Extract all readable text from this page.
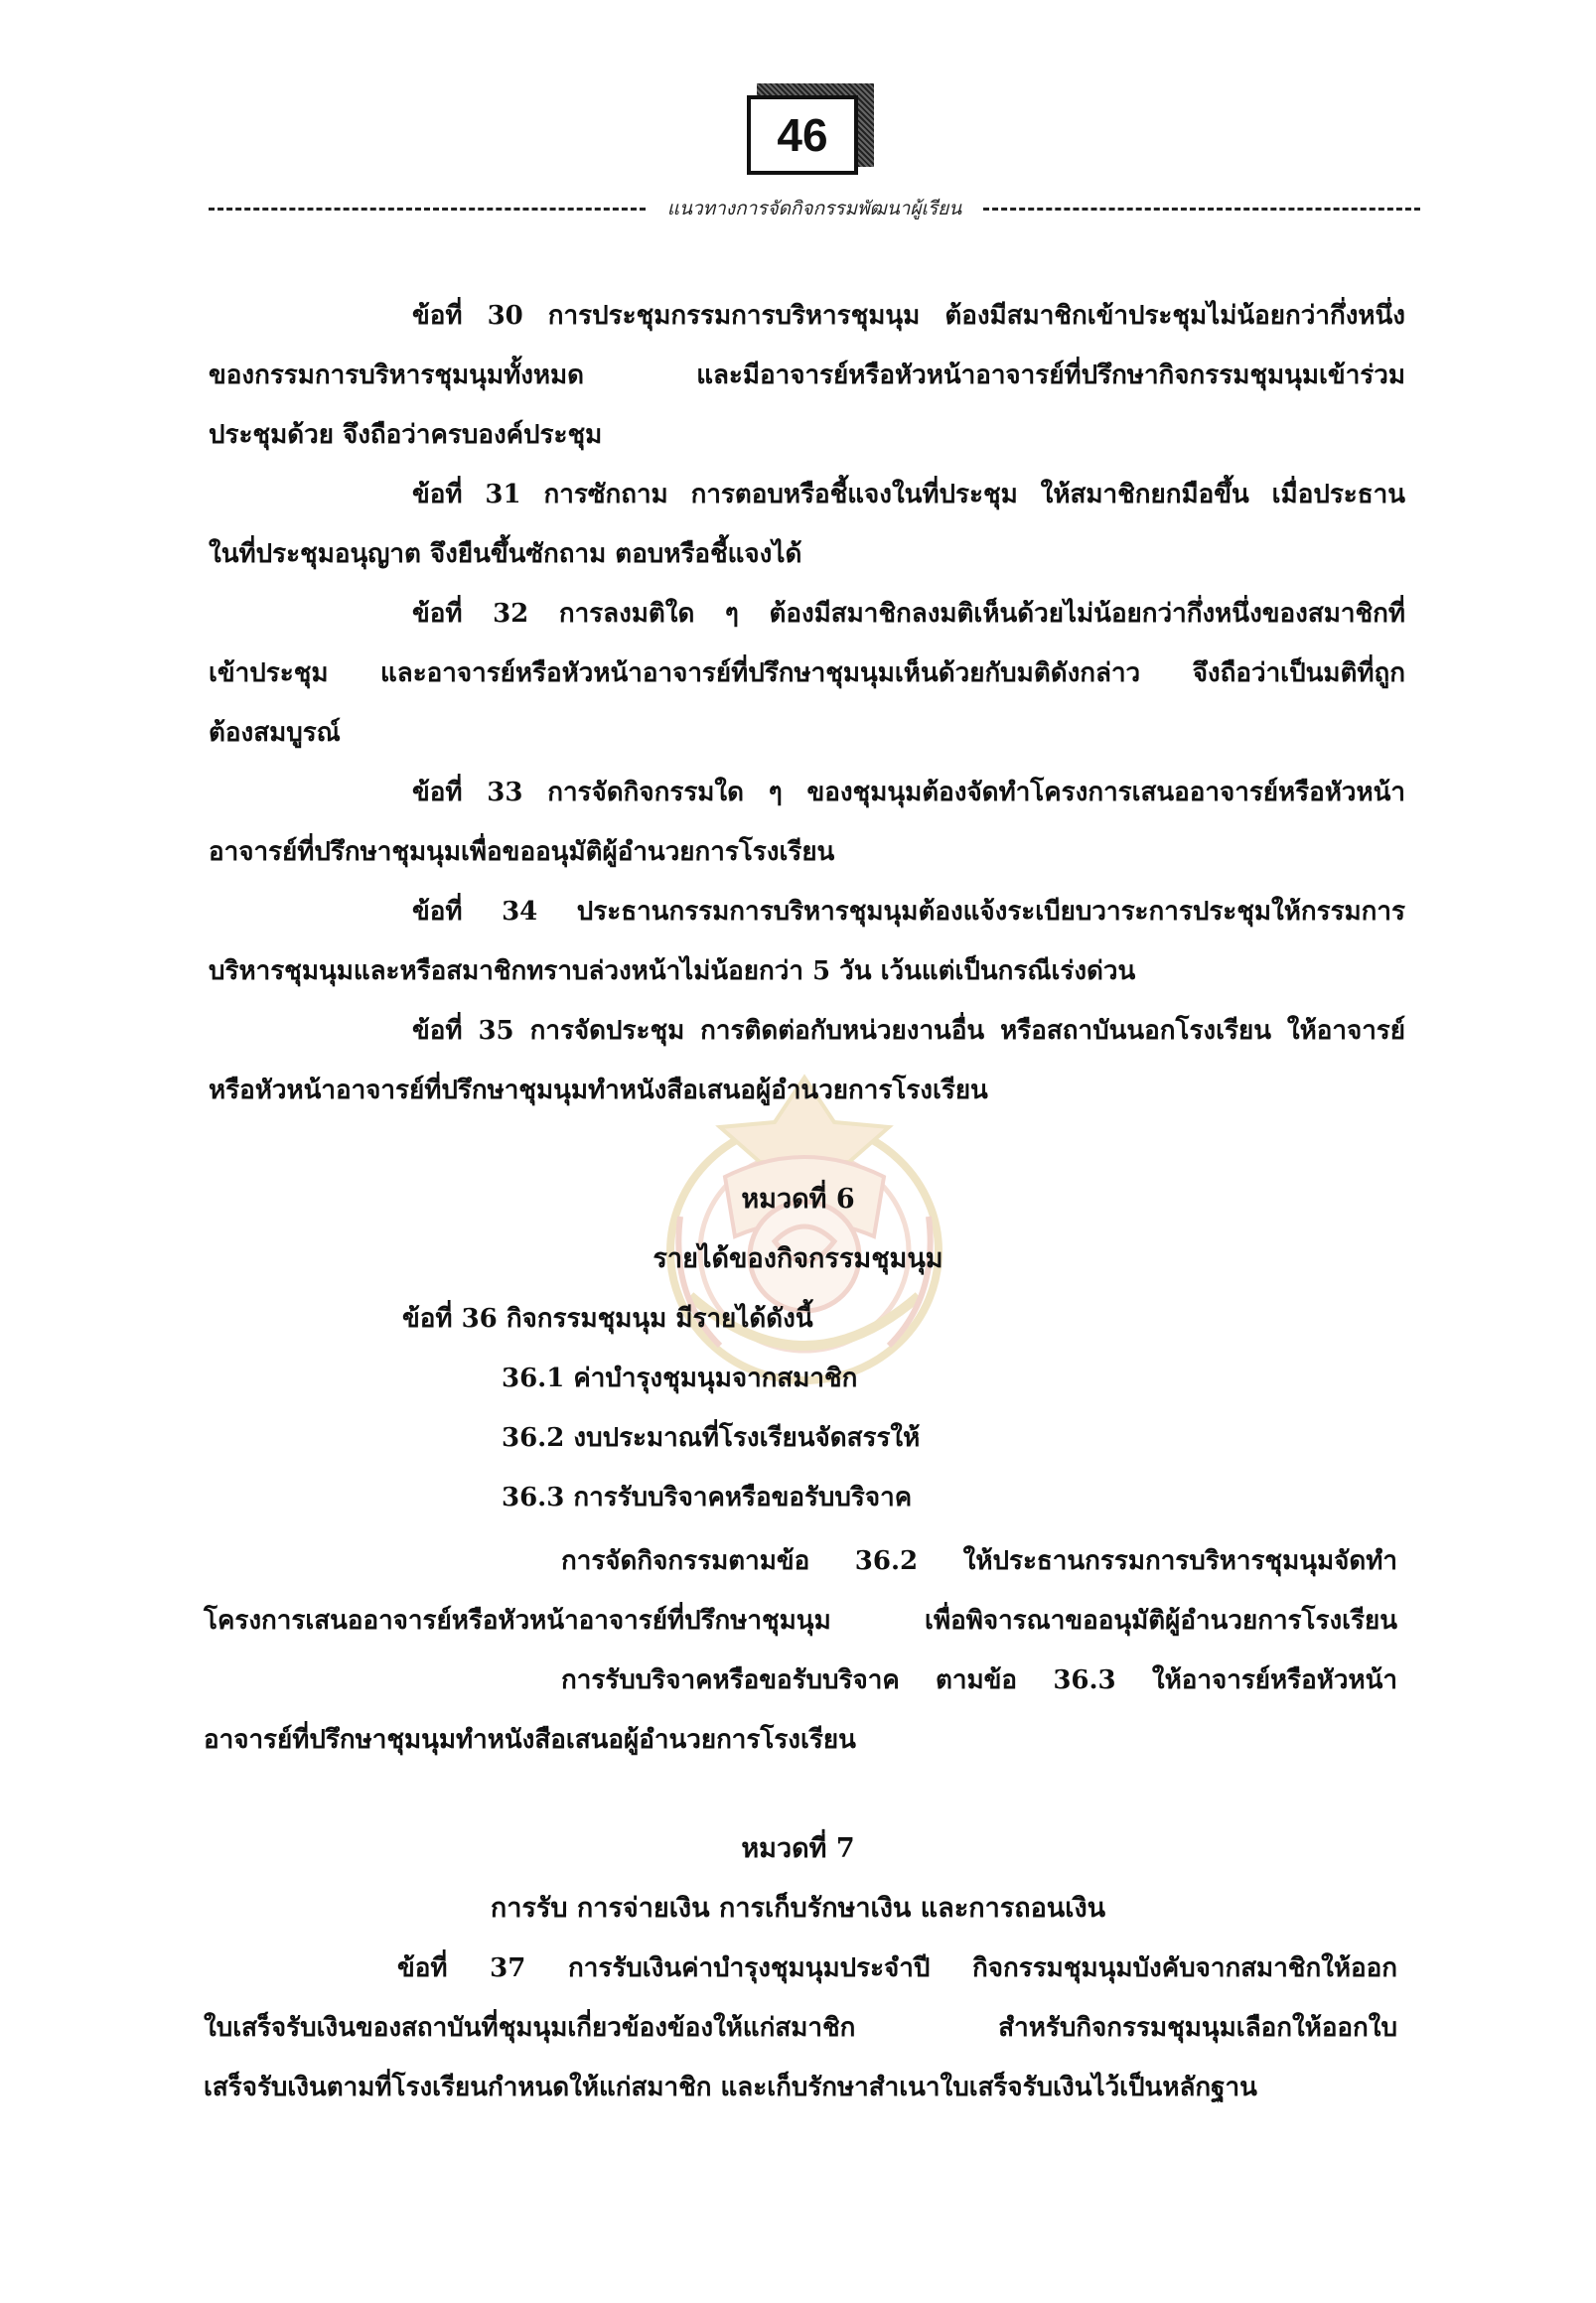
46
แนวทางการจัดกิจกรรมพัฒนาผู้เรียน
ข้อที่ 30 การประชุมกรรมการบริหารชุมนุม ต้องมีสมาชิกเข้าประชุมไม่น้อยกว่ากึ่งหนึ่ง
ของกรรมการบริหารชุมนุมทั้งหมด และมีอาจารย์หรือหัวหน้าอาจารย์ที่ปรึกษากิจกรรมชุมนุมเข้าร่วม
ประชุมด้วย จึงถือว่าครบองค์ประชุม
ข้อที่ 31 การซักถาม การตอบหรือชี้แจงในที่ประชุม ให้สมาชิกยกมือขึ้น เมื่อประธาน
ในที่ประชุมอนุญาต จึงยืนขึ้นซักถาม ตอบหรือชี้แจงได้
ข้อที่ 32 การลงมติใด ๆ ต้องมีสมาชิกลงมติเห็นด้วยไม่น้อยกว่ากึ่งหนึ่งของสมาชิกที่
เข้าประชุม และอาจารย์หรือหัวหน้าอาจารย์ที่ปรึกษาชุมนุมเห็นด้วยกับมติดังกล่าว จึงถือว่าเป็นมติที่ถูก
ต้องสมบูรณ์
ข้อที่ 33 การจัดกิจกรรมใด ๆ ของชุมนุมต้องจัดทำโครงการเสนออาจารย์หรือหัวหน้า
อาจารย์ที่ปรึกษาชุมนุมเพื่อขออนุมัติผู้อำนวยการโรงเรียน
ข้อที่ 34 ประธานกรรมการบริหารชุมนุมต้องแจ้งระเบียบวาระการประชุมให้กรรมการ
บริหารชุมนุมและหรือสมาชิกทราบล่วงหน้าไม่น้อยกว่า 5 วัน เว้นแต่เป็นกรณีเร่งด่วน
ข้อที่ 35 การจัดประชุม การติดต่อกับหน่วยงานอื่น หรือสถาบันนอกโรงเรียน ให้อาจารย์
หรือหัวหน้าอาจารย์ที่ปรึกษาชุมนุมทำหนังสือเสนอผู้อำนวยการโรงเรียน
หมวดที่ 6
รายได้ของกิจกรรมชุมนุม
ข้อที่ 36 กิจกรรมชุมนุม มีรายได้ดังนี้
36.1 ค่าบำรุงชุมนุมจากสมาชิก
36.2 งบประมาณที่โรงเรียนจัดสรรให้
36.3 การรับบริจาคหรือขอรับบริจาค
การจัดกิจกรรมตามข้อ 36.2 ให้ประธานกรรมการบริหารชุมนุมจัดทำ
โครงการเสนออาจารย์หรือหัวหน้าอาจารย์ที่ปรึกษาชุมนุม เพื่อพิจารณาขออนุมัติผู้อำนวยการโรงเรียน
การรับบริจาคหรือขอรับบริจาค ตามข้อ 36.3 ให้อาจารย์หรือหัวหน้า
อาจารย์ที่ปรึกษาชุมนุมทำหนังสือเสนอผู้อำนวยการโรงเรียน
หมวดที่ 7
การรับ การจ่ายเงิน การเก็บรักษาเงิน และการถอนเงิน
ข้อที่ 37 การรับเงินค่าบำรุงชุมนุมประจำปี กิจกรรมชุมนุมบังคับจากสมาชิกให้ออก
ใบเสร็จรับเงินของสถาบันที่ชุมนุมเกี่ยวข้องข้องให้แก่สมาชิก สำหรับกิจกรรมชุมนุมเลือกให้ออกใบ
เสร็จรับเงินตามที่โรงเรียนกำหนดให้แก่สมาชิก และเก็บรักษาสำเนาใบเสร็จรับเงินไว้เป็นหลักฐาน
